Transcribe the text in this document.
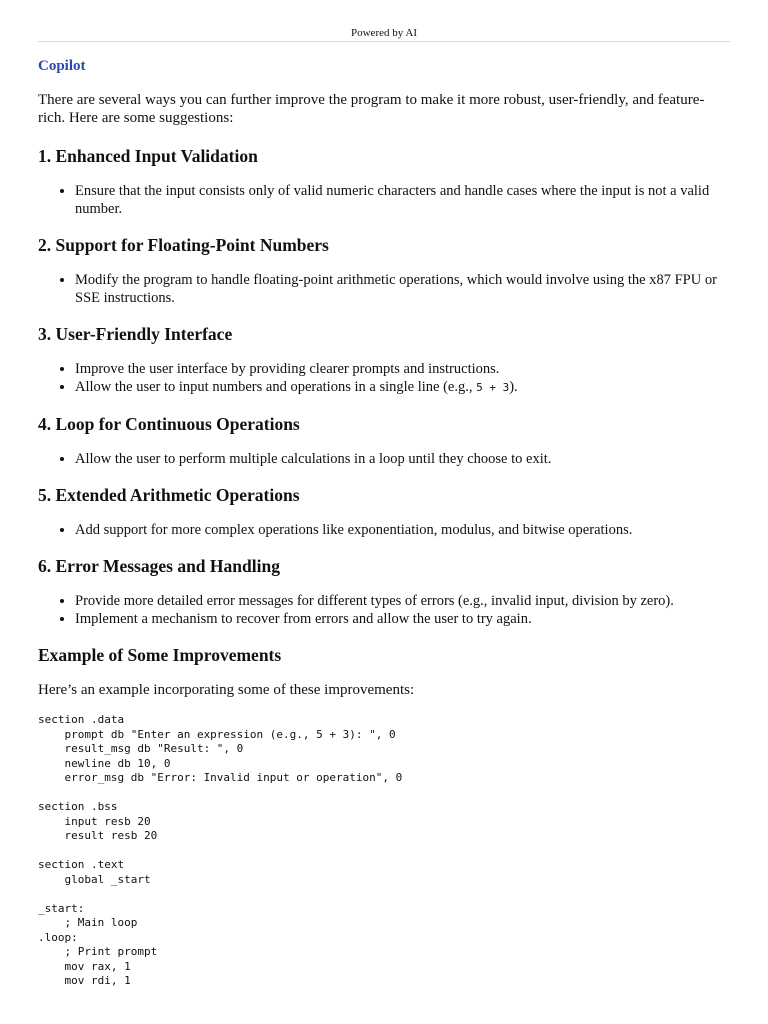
Powered by AI
Copilot

There are several ways you can further improve the program to make it more robust, user-friendly, and feature-rich. Here are some suggestions:

1. Enhanced Input Validation
• Ensure that the input consists only of valid numeric characters and handle cases where the input is not a valid number.
2. Support for Floating-Point Numbers
• Modify the program to handle floating-point arithmetic operations, which would involve using the x87 FPU or SSE instructions.
3. User-Friendly Interface
• Improve the user interface by providing clearer prompts and instructions.
• Allow the user to input numbers and operations in a single line (e.g., 5 + 3).
4. Loop for Continuous Operations
• Allow the user to perform multiple calculations in a loop until they choose to exit.
5. Extended Arithmetic Operations
• Add support for more complex operations like exponentiation, modulus, and bitwise operations.
6. Error Messages and Handling
• Provide more detailed error messages for different types of errors (e.g., invalid input, division by zero).
• Implement a mechanism to recover from errors and allow the user to try again.
Example of Some Improvements

Here’s an example incorporating some of these improvements:

section .data
prompt db "Enter an expression (e.g., 5 + 3): ", 0
result_msg db "Result: ", 0
newline db 10, 0
error_msg db "Error: Invalid input or operation", 0

section .bss
input resb 20
result resb 20

section .text
global _start

_start:
; Main loop
.loop:
; Print prompt
mov rax, 1
mov rdi, 1
